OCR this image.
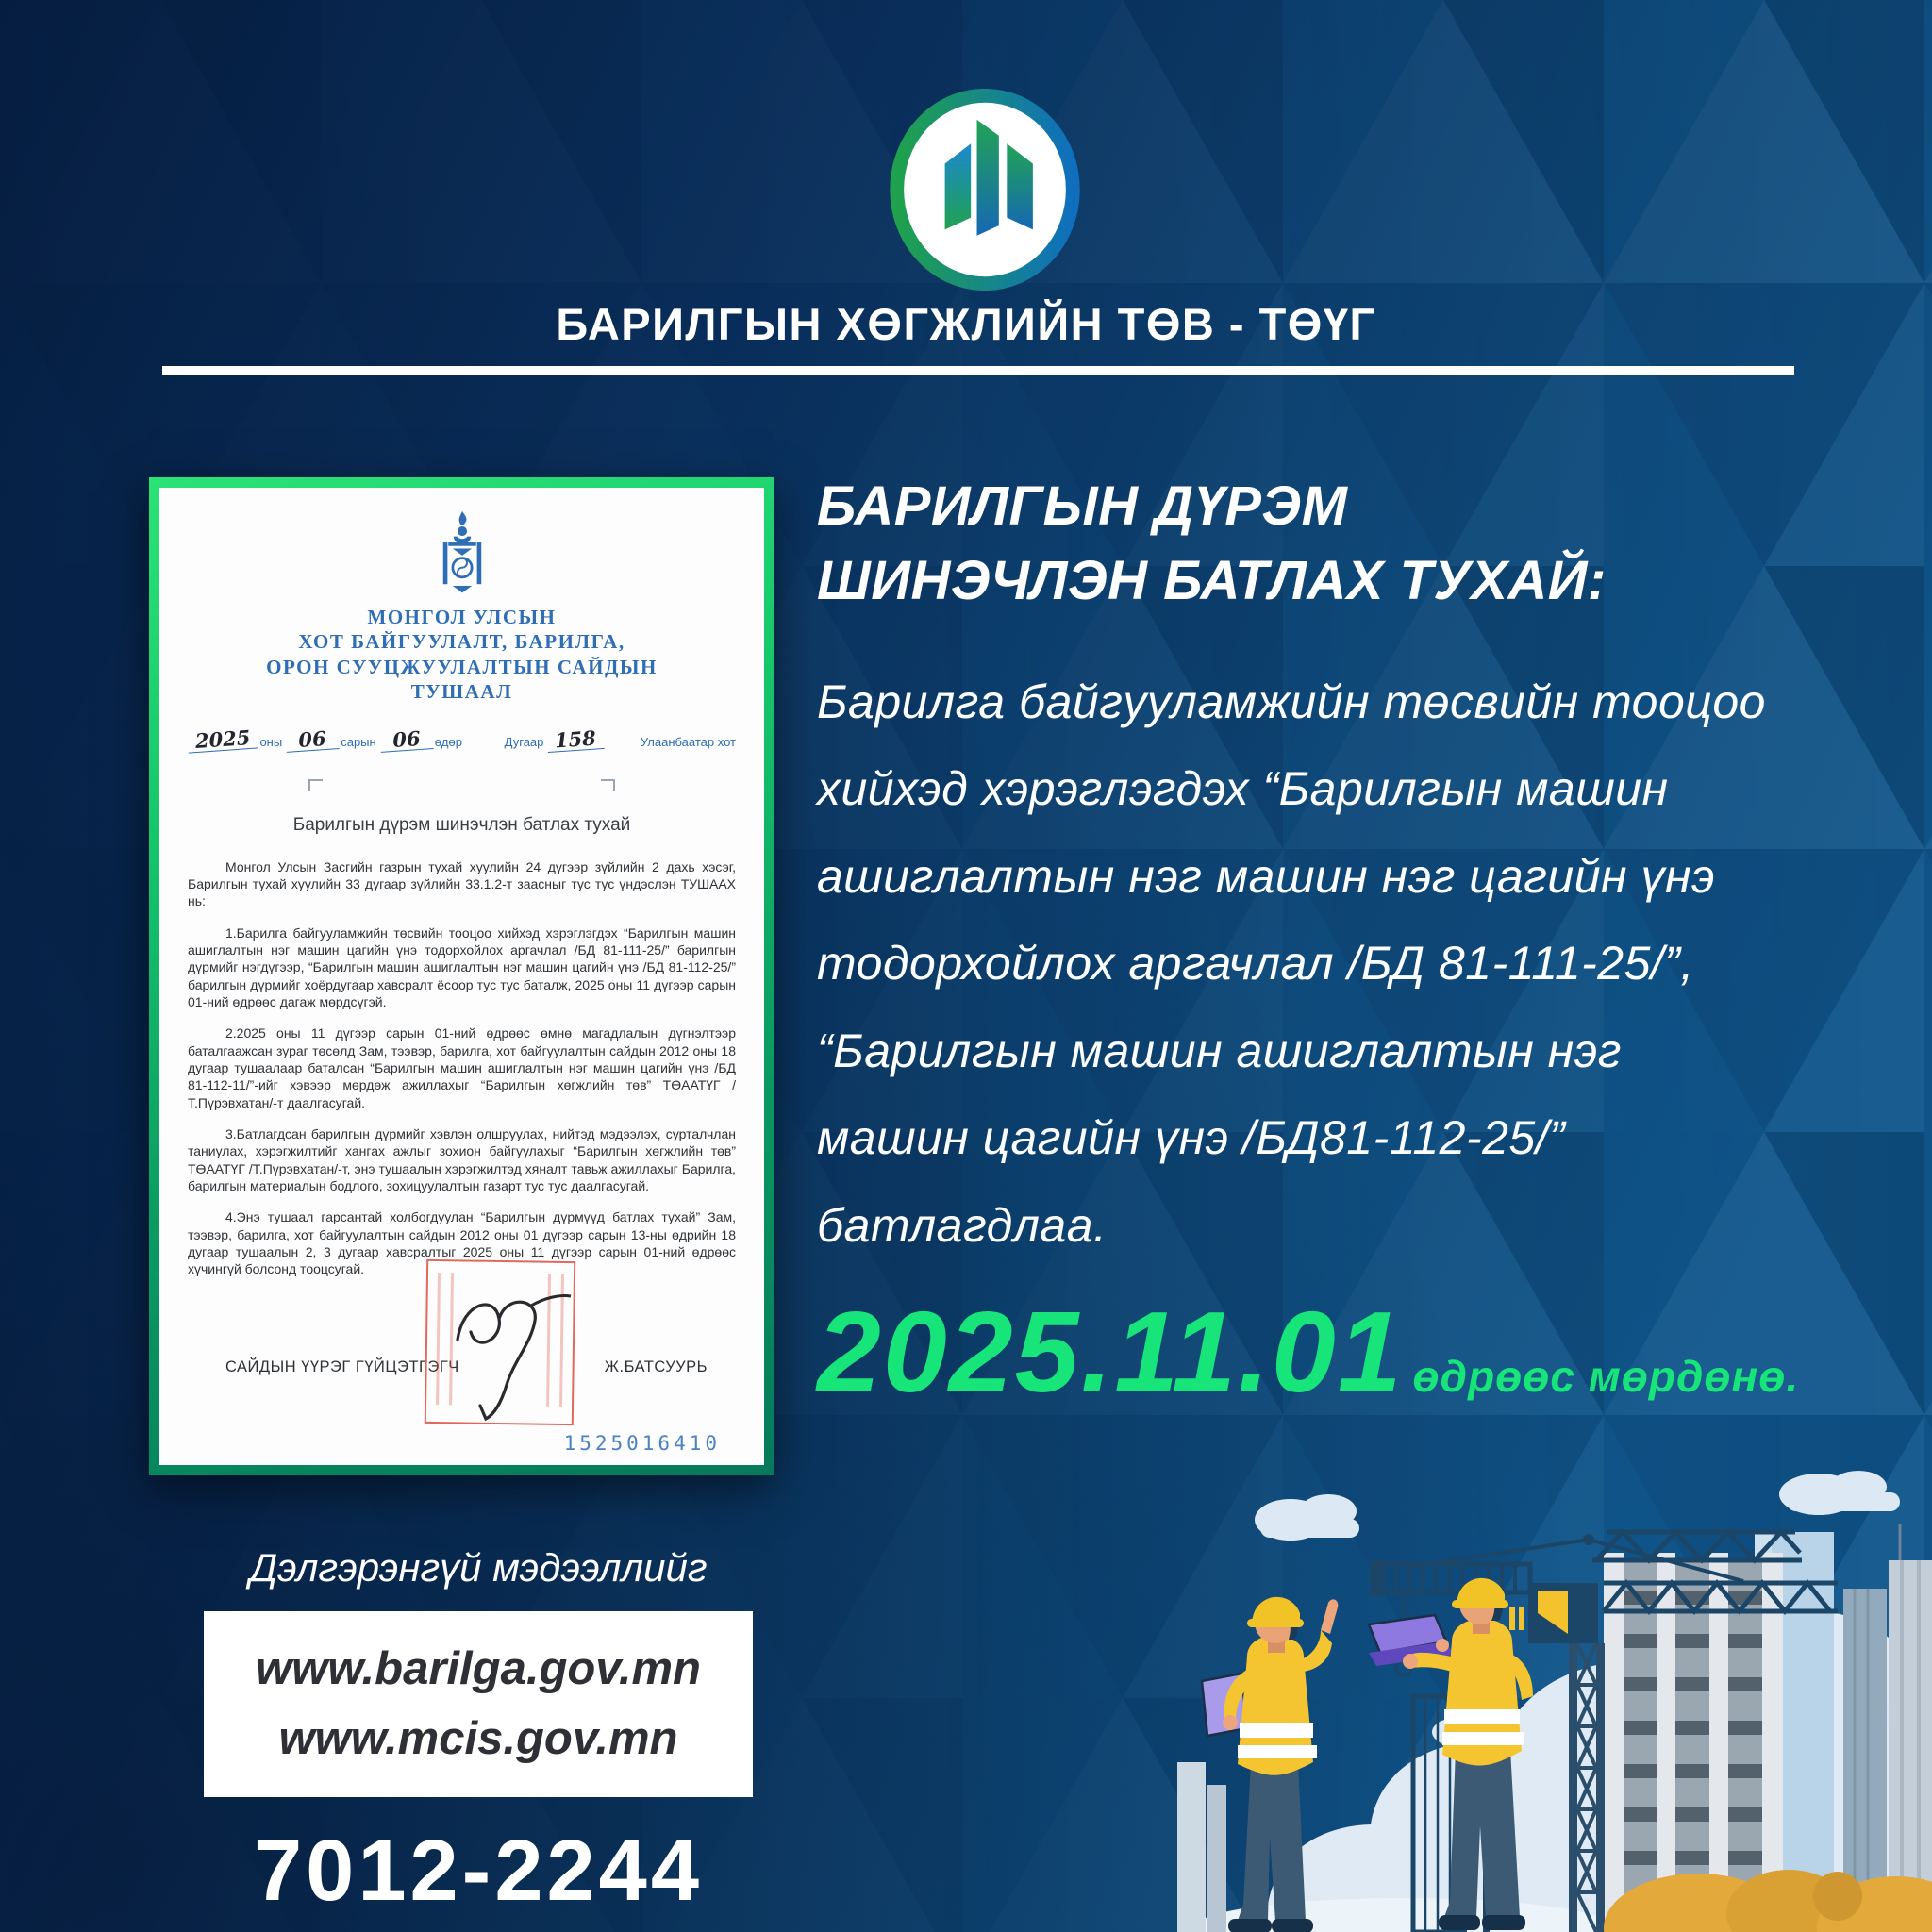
БАРИЛГЫН ХӨГЖЛИЙН ТӨВ - ТӨҮГ
МОНГОЛ УЛСЫН
ХОТ БАЙГУУЛАЛТ, БАРИЛГА,
ОРОН СУУЦЖУУЛАЛТЫН САЙДЫН
ТУШААЛ
2025 оны 06 сарын 06 өдөр	Дугаар 158	Улаанбаатар хот
Барилгын дүрэм шинэчлэн батлах тухай

Монгол Улсын Засгийн газрын тухай хуулийн 24 дүгээр зүйлийн 2 дахь хэсэг, Барилгын тухай хуулийн 33 дугаар зүйлийн 33.1.2-т заасныг тус тус үндэслэн ТУШААХ нь:

1.Барилга байгууламжийн төсвийн тооцоо хийхэд хэрэглэгдэх “Барилгын машин ашиглалтын нэг машин цагийн үнэ тодорхойлох аргачлал /БД 81-111-25/” барилгын дүрмийг нэгдүгээр, “Барилгын машин ашиглалтын нэг машин цагийн үнэ /БД 81-112-25/” барилгын дүрмийг хоёрдугаар хавсралт ёсоор тус тус баталж, 2025 оны 11 дүгээр сарын 01-ний өдрөөс дагаж мөрдсүгэй.

2.2025 оны 11 дүгээр сарын 01-ний өдрөөс өмнө магадлалын дүгнэлтээр баталгаажсан зураг төсөлд Зам, тээвэр, барилга, хот байгуулалтын сайдын 2012 оны 18 дугаар тушаалаар баталсан “Барилгын машин ашиглалтын нэг машин цагийн үнэ /БД 81-112-11/”-ийг хэвээр мөрдөж ажиллахыг “Барилгын хөгжлийн төв” ТӨААТҮГ /Т.Пүрэвхатан/-т даалгасугай.

3.Батлагдсан барилгын дүрмийг хэвлэн олшруулах, нийтэд мэдээлэх, сурталчлан таниулах, хэрэгжилтийг хангах ажлыг зохион байгуулахыг “Барилгын хөгжлийн төв” ТӨААТҮГ /Т.Пүрэвхатан/-т, энэ тушаалын хэрэгжилтэд хяналт тавьж ажиллахыг Барилга, барилгын материалын бодлого, зохицуулалтын газарт тус тус даалгасугай.

4.Энэ тушаал гарсантай холбогдуулан “Барилгын дүрмүүд батлах тухай” Зам, тээвэр, барилга, хот байгуулалтын сайдын 2012 оны 01 дүгээр сарын 13-ны өдрийн 18 дугаар тушаалын 2, 3 дугаар хавсралтыг 2025 оны 11 дүгээр сарын 01-ний өдрөөс хүчингүй болсонд тооцсугай.

САЙДЫН ҮҮРЭГ ГҮЙЦЭТГЭГЧ	Ж.БАТСУУРЬ
1525016410
БАРИЛГЫН ДҮРЭМ
ШИНЭЧЛЭН БАТЛАХ ТУХАЙ:

Барилга байгууламжийн төсвийн тооцоо хийхэд хэрэглэгдэх “Барилгын машин ашиглалтын нэг машин нэг цагийн үнэ тодорхойлох аргачлал /БД 81-111-25/”, “Барилгын машин ашиглалтын нэг машин цагийн үнэ /БД81-112-25/” батлагдлаа.

2025.11.01 өдрөөс мөрдөнө.
Дэлгэрэнгүй мэдээллийг
www.barilga.gov.mn
www.mcis.gov.mn
7012-2244
